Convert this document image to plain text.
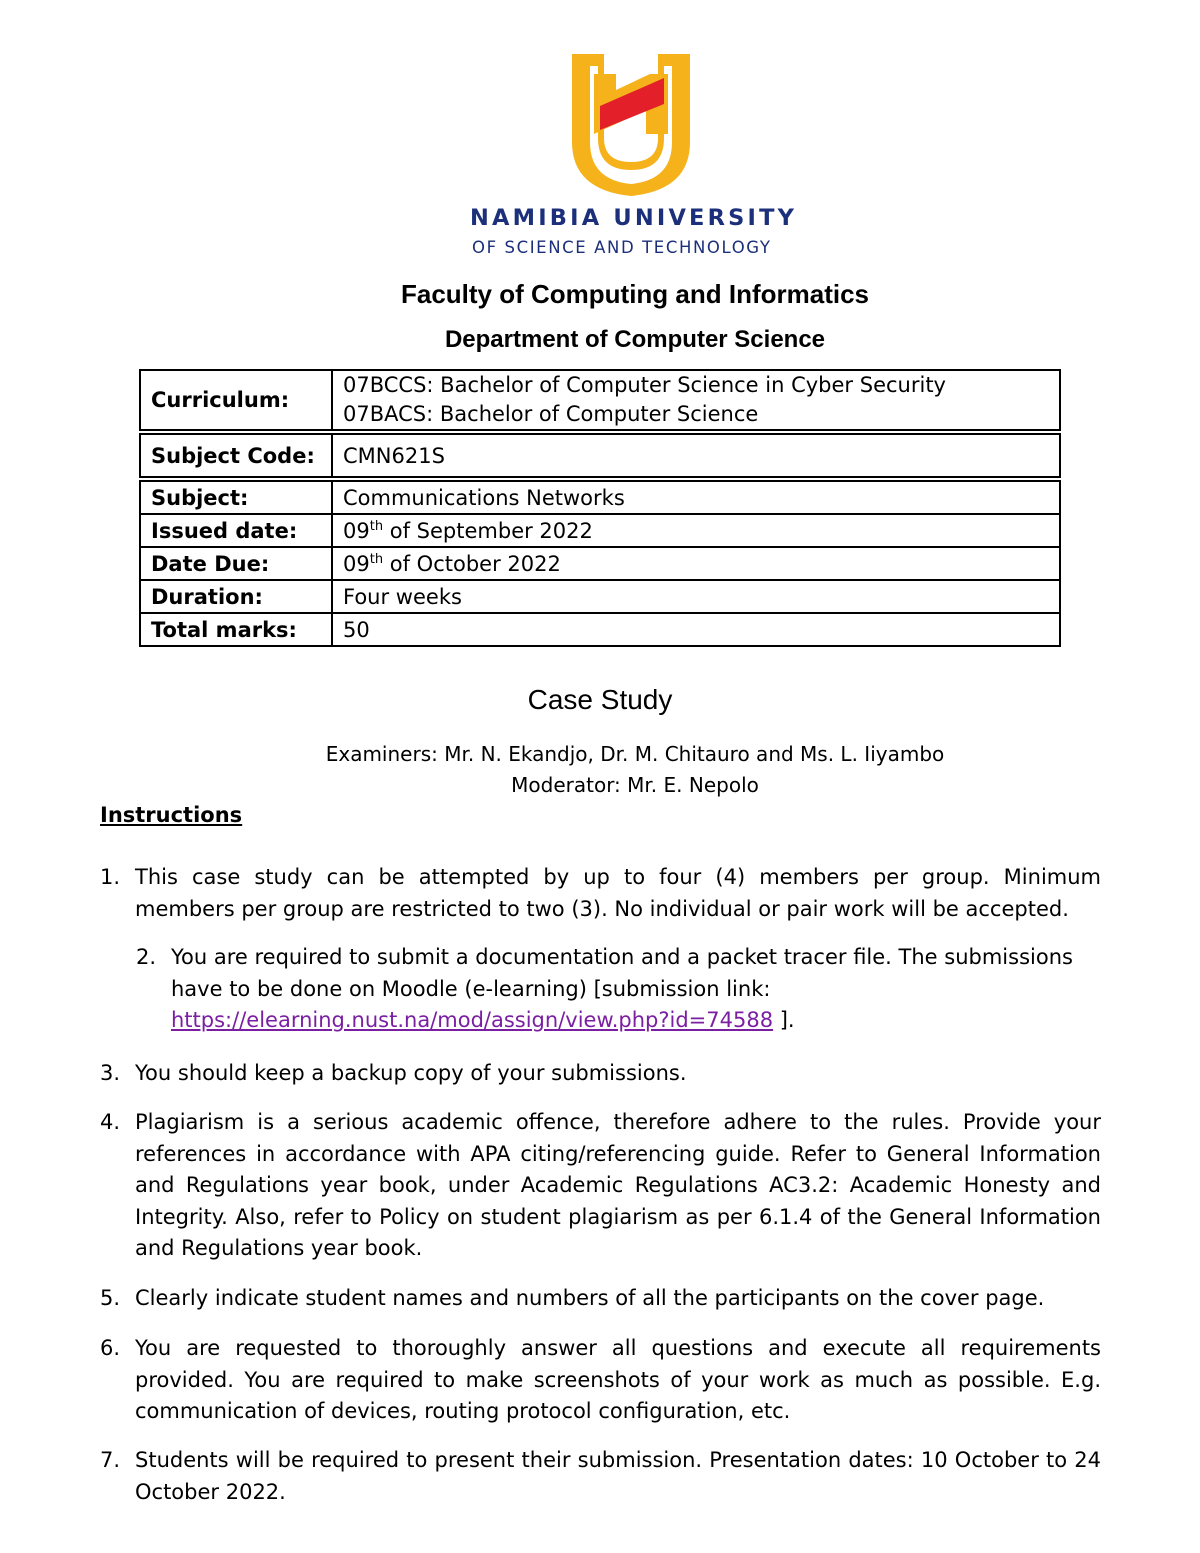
NAMIBIA UNIVERSITY
OF SCIENCE AND TECHNOLOGY
Faculty of Computing and Informatics
Department of Computer Science
Curriculum:	07BCCS: Bachelor of Computer Science in Cyber Security
07BACS: Bachelor of Computer Science

Subject Code:	CMN621S

Subject:	Communications Networks
Issued date:	09th of September 2022
Date Due:	09th of October 2022
Duration:	Four weeks
Total marks:	50
Case Study
Examiners: Mr. N. Ekandjo, Dr. M. Chitauro and Ms. L. Iiyambo
Moderator: Mr. E. Nepolo
Instructions
1. This case study can be attempted by up to four (4) members per group. Minimum members per group are restricted to two (3). No individual or pair work will be accepted.
2. You are required to submit a documentation and a packet tracer file. The submissions have to be done on Moodle (e-learning) [submission link:
https://elearning.nust.na/mod/assign/view.php?id=74588 ].
3. You should keep a backup copy of your submissions.
4. Plagiarism is a serious academic offence, therefore adhere to the rules. Provide your references in accordance with APA citing/referencing guide. Refer to General Information and Regulations year book, under Academic Regulations AC3.2: Academic Honesty and Integrity. Also, refer to Policy on student plagiarism as per 6.1.4 of the General Information and Regulations year book.
5. Clearly indicate student names and numbers of all the participants on the cover page.
6. You are requested to thoroughly answer all questions and execute all requirements provided. You are required to make screenshots of your work as much as possible. E.g. communication of devices, routing protocol configuration, etc.
7. Students will be required to present their submission. Presentation dates: 10 October to 24 October 2022.
